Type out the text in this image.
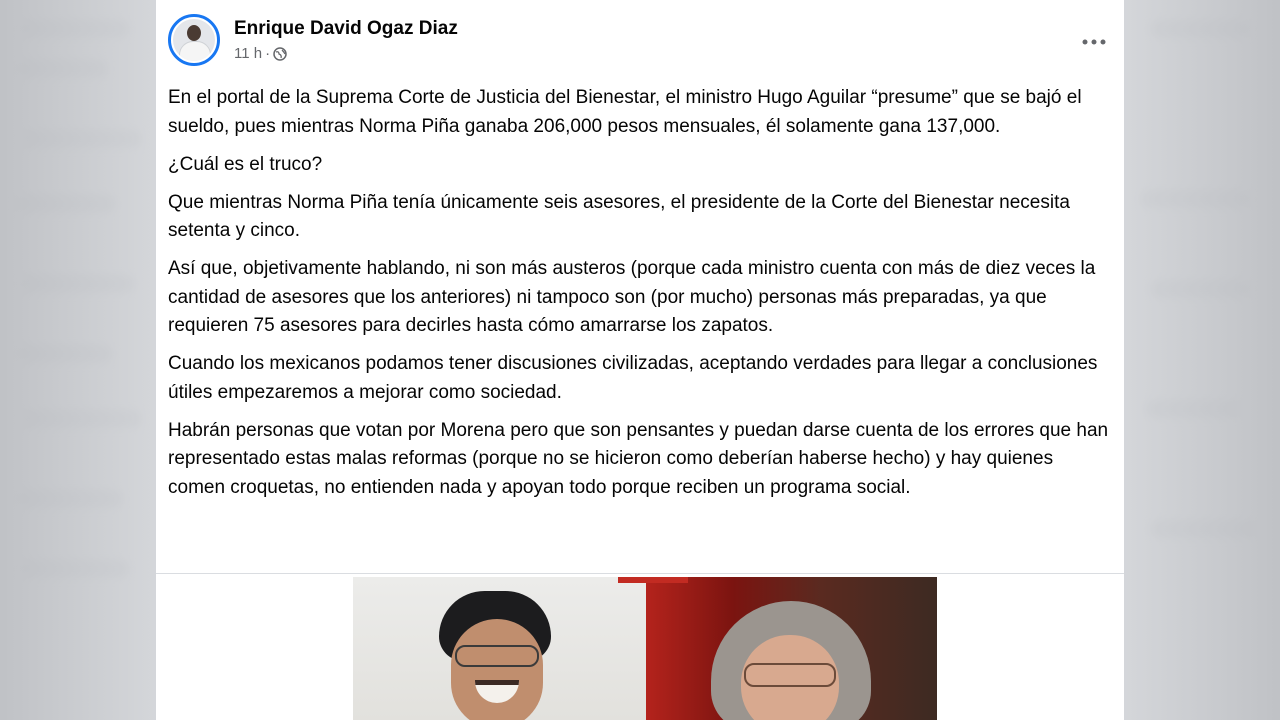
Enrique David Ogaz Diaz
11 h ·

En el portal de la Suprema Corte de Justicia del Bienestar, el ministro Hugo Aguilar “presume” que se bajó el sueldo, pues mientras Norma Piña ganaba 206,000 pesos mensuales, él solamente gana 137,000.

¿Cuál es el truco?

Que mientras Norma Piña tenía únicamente seis asesores, el presidente de la Corte del Bienestar necesita setenta y cinco.

Así que, objetivamente hablando, ni son más austeros (porque cada ministro cuenta con más de diez veces la cantidad de asesores que los anteriores) ni tampoco son (por mucho) personas más preparadas, ya que requieren 75 asesores para decirles hasta cómo amarrarse los zapatos.

Cuando los mexicanos podamos tener discusiones civilizadas, aceptando verdades para llegar a conclusiones útiles empezaremos a mejorar como sociedad.

Habrán personas que votan por Morena pero que son pensantes y puedan darse cuenta de los errores que han representado estas malas reformas (porque no se hicieron como deberían haberse hecho) y hay quienes comen croquetas, no entienden nada y apoyan todo porque reciben un programa social.
